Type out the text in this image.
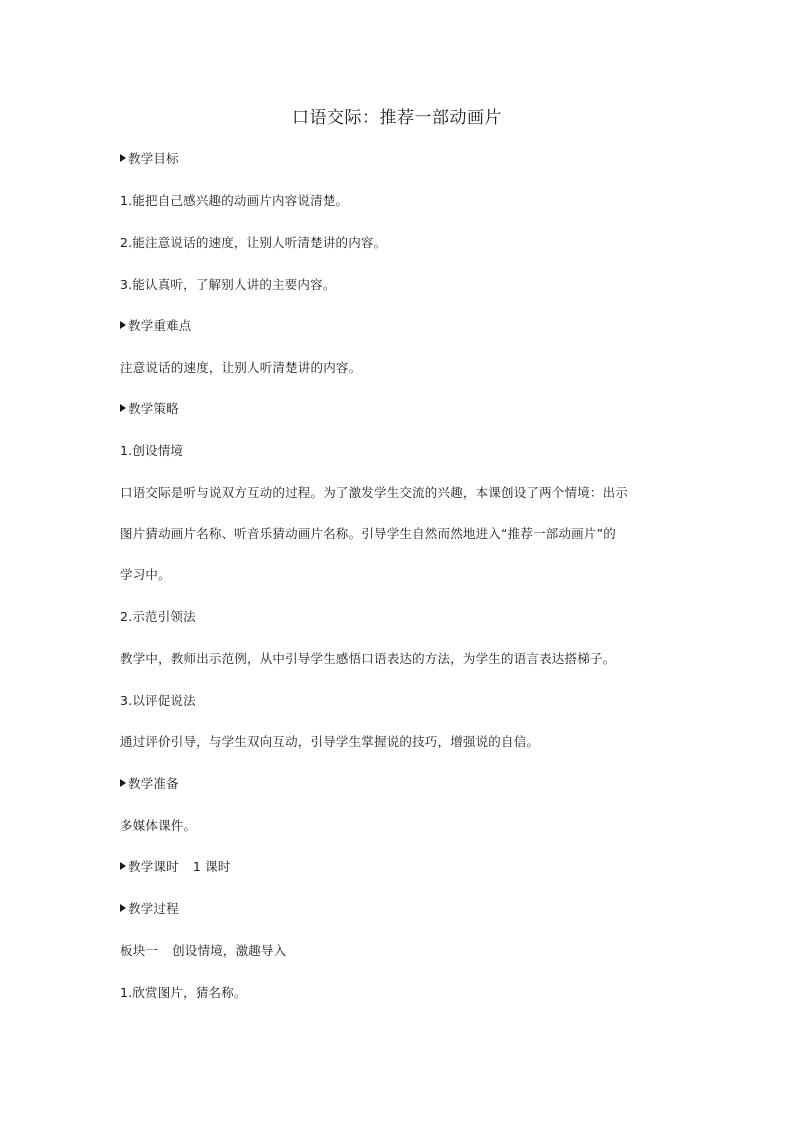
口语交际：推荐一部动画片
教学目标
1.能把自己感兴趣的动画片内容说清楚。
2.能注意说话的速度，让别人听清楚讲的内容。
3.能认真听，了解别人讲的主要内容。
教学重难点
注意说话的速度，让别人听清楚讲的内容。
教学策略
1.创设情境
口语交际是听与说双方互动的过程。为了激发学生交流的兴趣，本课创设了两个情境：出示
图片猜动画片名称、听音乐猜动画片名称。引导学生自然而然地进入“推荐一部动画片”的
学习中。
2.示范引领法
教学中，教师出示范例，从中引导学生感悟口语表达的方法，为学生的语言表达搭梯子。
3.以评促说法
通过评价引导，与学生双向互动，引导学生掌握说的技巧，增强说的自信。
教学准备
多媒体课件。
教学课时 1 课时
教学过程
板块一 创设情境，激趣导入
1.欣赏图片，猜名称。
